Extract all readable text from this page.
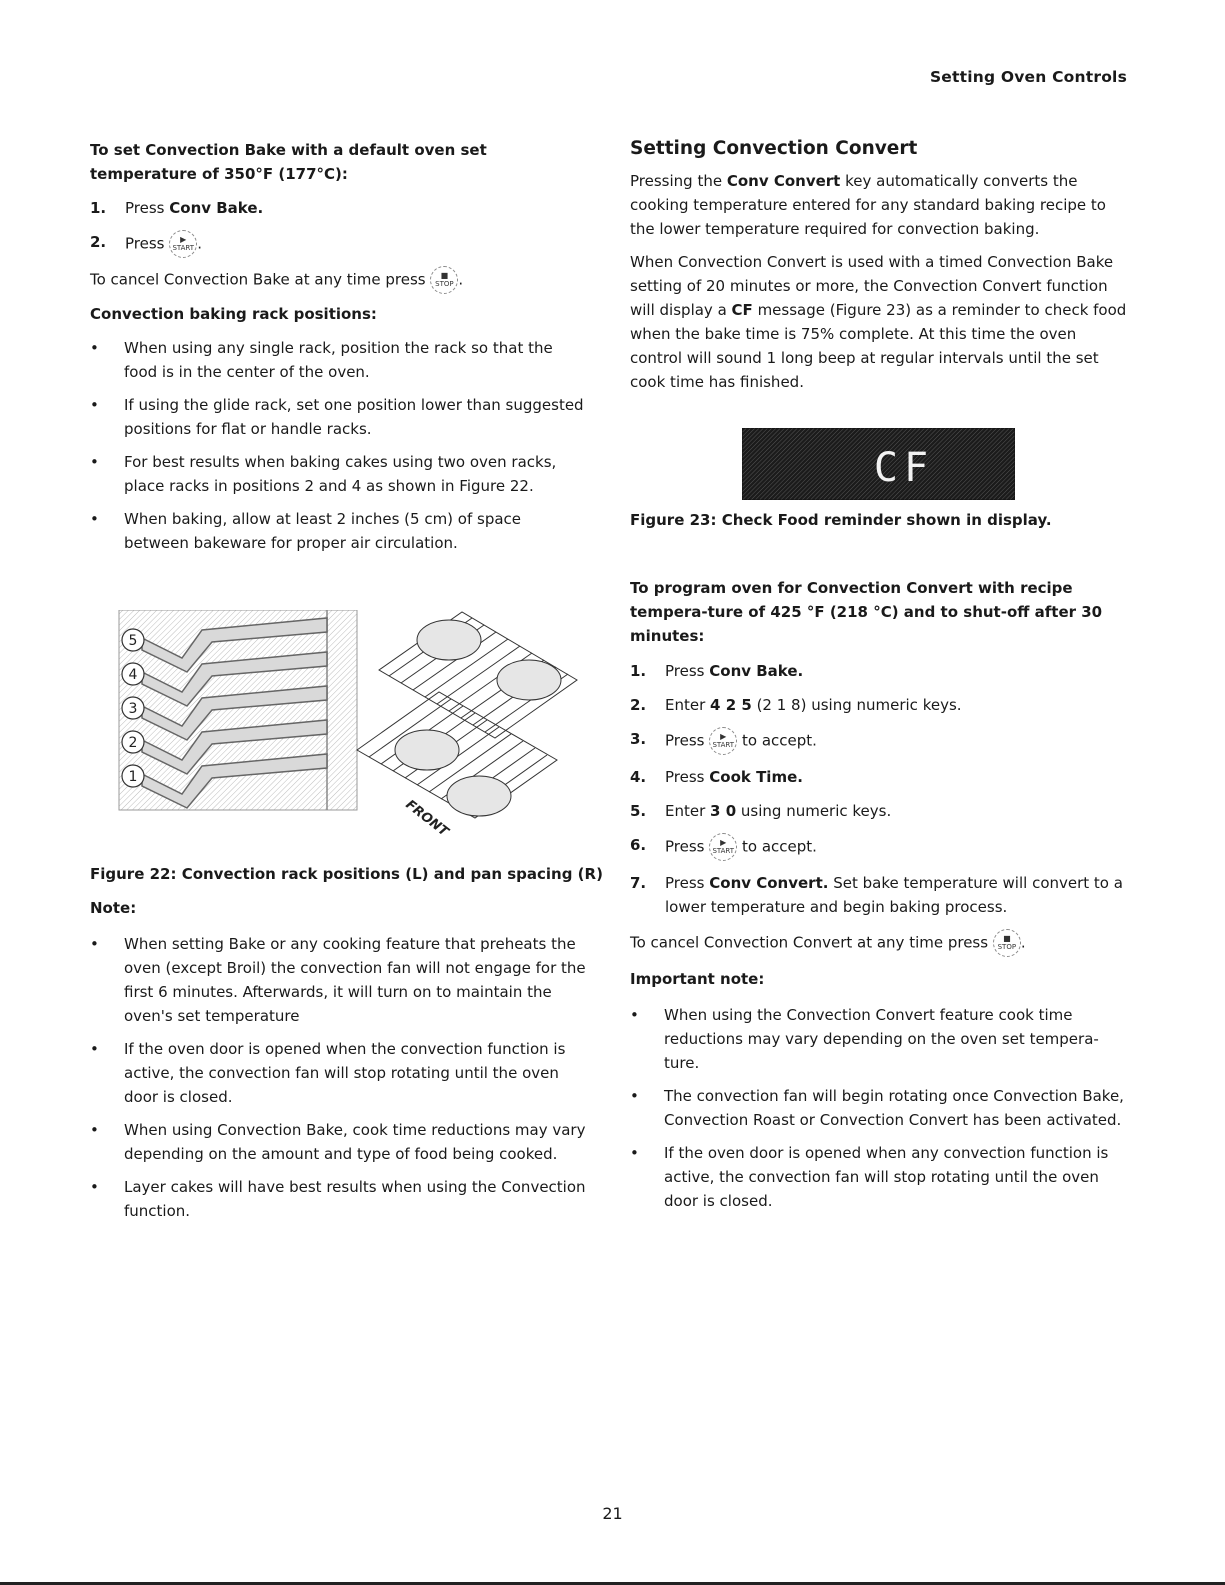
Setting Oven Controls

To set Convection Bake with a default oven set temperature of 350°F (177°C):

1. Press Conv Bake.
2. Press	▶
START .

To cancel Convection Bake at any time press	■
STOP .

Convection baking rack positions:

• When using any single rack, position the rack so that the food is in the center of the oven.
• If using the glide rack, set one position lower than suggested positions for flat or handle racks.
• For best results when baking cakes using two oven racks, place racks in positions 2 and 4 as shown in Figure 22.
• When baking, allow at least 2 inches (5 cm) of space between bakeware for proper air circulation.
5
4
3
2
1
FRONT

Figure 22: Convection rack positions (L) and pan spacing (R)

Note:

• When setting Bake or any cooking feature that preheats the oven (except Broil) the convection fan will not engage for the first 6 minutes. Afterwards, it will turn on to maintain the oven's set temperature
• If the oven door is opened when the convection function is active, the convection fan will stop rotating until the oven door is closed.
• When using Convection Bake, cook time reductions may vary depending on the amount and type of food being cooked.
• Layer cakes will have best results when using the Convection function.
Setting Convection Convert

Pressing the Conv Convert key automatically converts the cooking temperature entered for any standard baking recipe to the lower temperature required for convection baking.

When Convection Convert is used with a timed Convection Bake setting of 20 minutes or more, the Convection Convert function will display a CF message (Figure 23) as a reminder to check food when the bake time is 75% complete. At this time the oven control will sound 1 long beep at regular intervals until the set cook time has finished.

CF

Figure 23: Check Food reminder shown in display.

To program oven for Convection Convert with recipe tempera-ture of 425 °F (218 °C) and to shut-off after 30 minutes:

1. Press Conv Bake.
2. Enter 4 2 5 (2 1 8) using numeric keys.
3. Press	▶
START to accept.
4. Press Cook Time.
5. Enter 3 0 using numeric keys.
6. Press	▶
START to accept.
7. Press Conv Convert. Set bake temperature will convert to a lower temperature and begin baking process.

To cancel Convection Convert at any time press	■
STOP .

Important note:

• When using the Convection Convert feature cook time reductions may vary depending on the oven set tempera-ture.
• The convection fan will begin rotating once Convection Bake, Convection Roast or Convection Convert has been activated.
• If the oven door is opened when any convection function is active, the convection fan will stop rotating until the oven door is closed.
21
